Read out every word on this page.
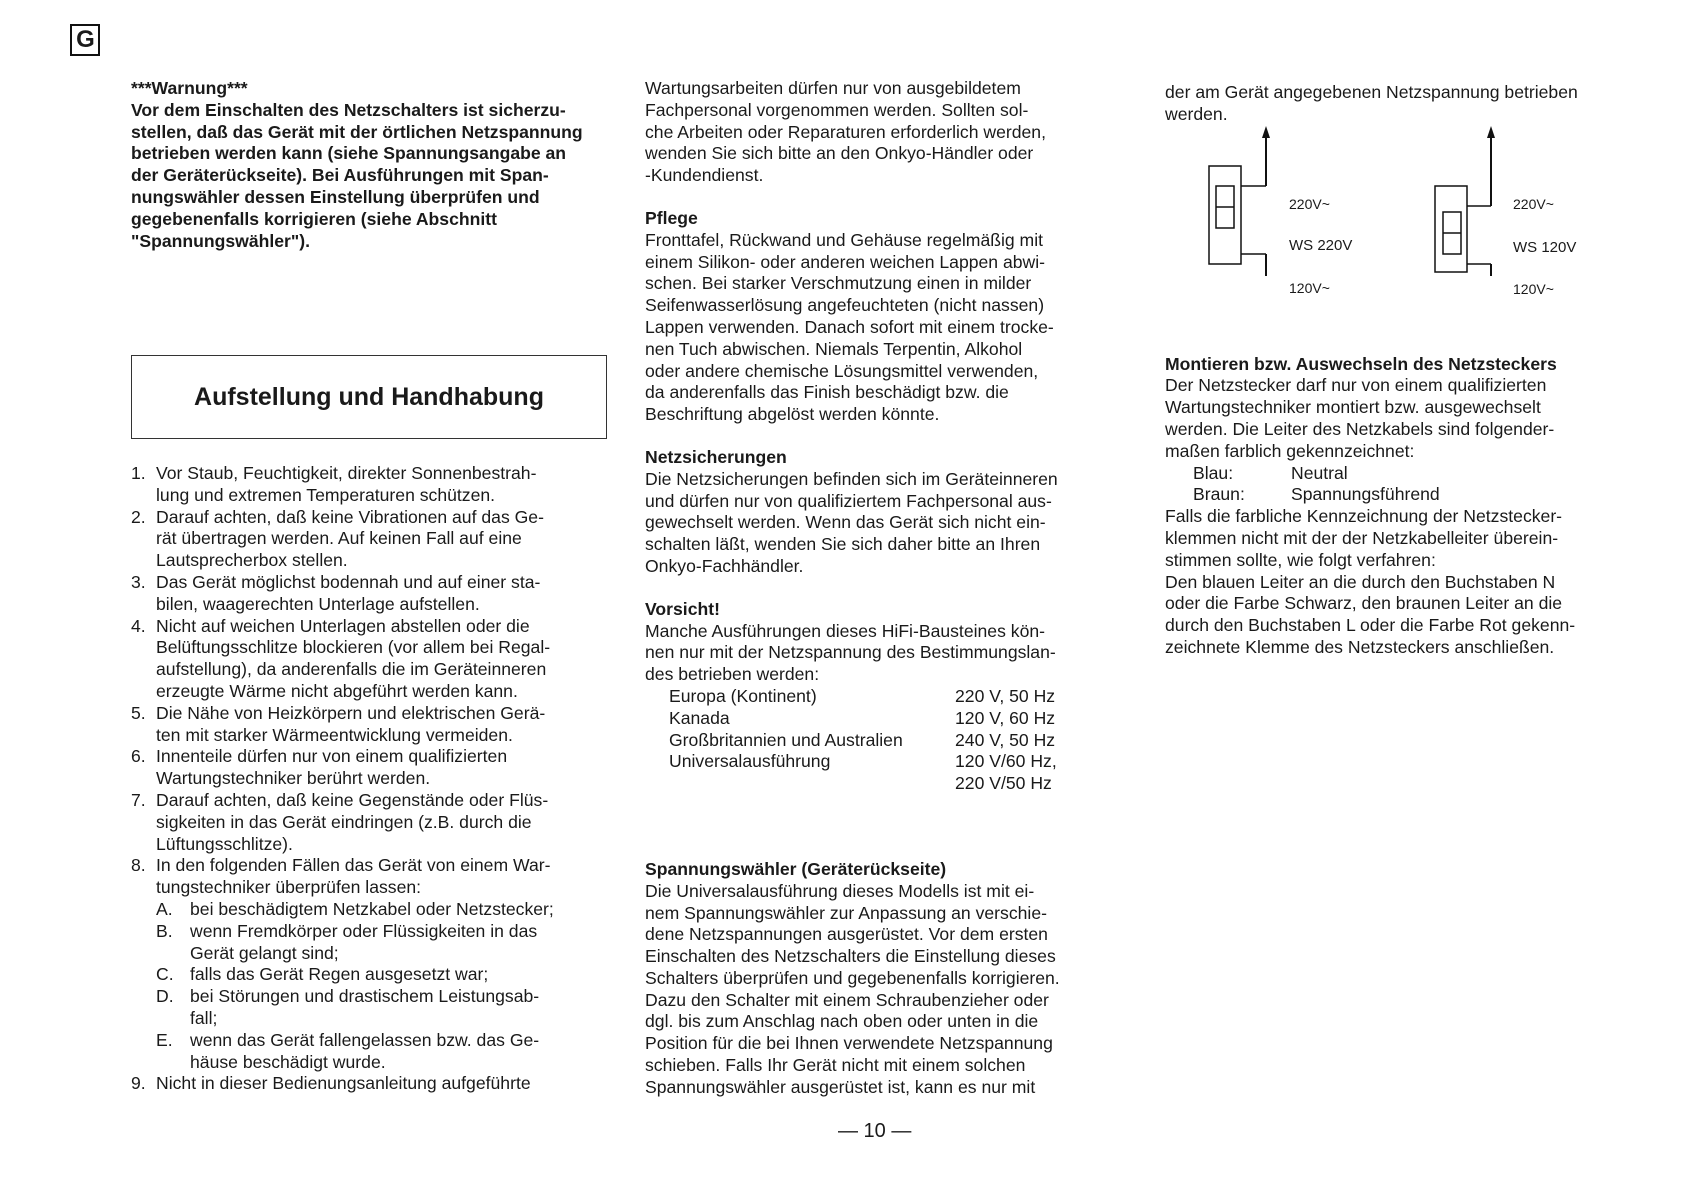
G

***Warnung***

Vor dem Einschalten des Netzschalters ist sicherzu-

stellen, daß das Gerät mit der örtlichen Netzspannung

betrieben werden kann (siehe Spannungsangabe an

der Geräterückseite). Bei Ausführungen mit Span-

nungswähler dessen Einstellung überprüfen und

gegebenenfalls korrigieren (siehe Abschnitt

"Spannungswähler").

Aufstellung und Handhabung
1. Vor Staub, Feuchtigkeit, direkter Sonnenbestrah-
lung und extremen Temperaturen schützen.
2. Darauf achten, daß keine Vibrationen auf das Ge-
rät übertragen werden. Auf keinen Fall auf eine
Lautsprecherbox stellen.
3. Das Gerät möglichst bodennah und auf einer sta-
bilen, waagerechten Unterlage aufstellen.
4. Nicht auf weichen Unterlagen abstellen oder die
Belüftungsschlitze blockieren (vor allem bei Regal-
aufstellung), da anderenfalls die im Geräteinneren
erzeugte Wärme nicht abgeführt werden kann.
5. Die Nähe von Heizkörpern und elektrischen Gerä-
ten mit starker Wärmeentwicklung vermeiden.
6. Innenteile dürfen nur von einem qualifizierten
Wartungstechniker berührt werden.
7. Darauf achten, daß keine Gegenstände oder Flüs-
sigkeiten in das Gerät eindringen (z.B. durch die
Lüftungsschlitze).
8. In den folgenden Fällen das Gerät von einem War-
tungstechniker überprüfen lassen:
A. bei beschädigtem Netzkabel oder Netzstecker;
B. wenn Fremdkörper oder Flüssigkeiten in das
Gerät gelangt sind;
C. falls das Gerät Regen ausgesetzt war;
D. bei Störungen und drastischem Leistungsab-
fall;
E. wenn das Gerät fallengelassen bzw. das Ge-
häuse beschädigt wurde.
9. Nicht in dieser Bedienungsanleitung aufgeführte
Wartungsarbeiten dürfen nur von ausgebildetem
Fachpersonal vorgenommen werden. Sollten sol-
che Arbeiten oder Reparaturen erforderlich werden,
wenden Sie sich bitte an den Onkyo-Händler oder
-Kundendienst.
Pflege
Fronttafel, Rückwand und Gehäuse regelmäßig mit
einem Silikon- oder anderen weichen Lappen abwi-
schen. Bei starker Verschmutzung einen in milder
Seifenwasserlösung angefeuchteten (nicht nassen)
Lappen verwenden. Danach sofort mit einem trocke-
nen Tuch abwischen. Niemals Terpentin, Alkohol
oder andere chemische Lösungsmittel verwenden,
da anderenfalls das Finish beschädigt bzw. die
Beschriftung abgelöst werden könnte.
Netzsicherungen
Die Netzsicherungen befinden sich im Geräteinneren
und dürfen nur von qualifiziertem Fachpersonal aus-
gewechselt werden. Wenn das Gerät sich nicht ein-
schalten läßt, wenden Sie sich daher bitte an Ihren
Onkyo-Fachhändler.
Vorsicht!
Manche Ausführungen dieses HiFi-Bausteines kön-
nen nur mit der Netzspannung des Bestimmungslan-
des betrieben werden:
Europa (Kontinent)	220 V, 50 Hz
Kanada	120 V, 60 Hz
Großbritannien und Australien	240 V, 50 Hz
Universalausführung	120 V/60 Hz,
	220 V/50 Hz
Spannungswähler (Geräterückseite)
Die Universalausführung dieses Modells ist mit ei-
nem Spannungswähler zur Anpassung an verschie-
dene Netzspannungen ausgerüstet. Vor dem ersten
Einschalten des Netzschalters die Einstellung dieses
Schalters überprüfen und gegebenenfalls korrigieren.
Dazu den Schalter mit einem Schraubenzieher oder
dgl. bis zum Anschlag nach oben oder unten in die
Position für die bei Ihnen verwendete Netzspannung
schieben. Falls Ihr Gerät nicht mit einem solchen
Spannungswähler ausgerüstet ist, kann es nur mit
der am Gerät angegebenen Netzspannung betrieben
werden.
220V~
WS 220V
120V~
220V~
WS 120V
120V~
Montieren bzw. Auswechseln des Netzsteckers
Der Netzstecker darf nur von einem qualifizierten
Wartungstechniker montiert bzw. ausgewechselt
werden. Die Leiter des Netzkabels sind folgender-
maßen farblich gekennzeichnet:
Blau:	Neutral
Braun:	Spannungsführend
Falls die farbliche Kennzeichnung der Netzstecker-
klemmen nicht mit der der Netzkabelleiter überein-
stimmen sollte, wie folgt verfahren:
Den blauen Leiter an die durch den Buchstaben N
oder die Farbe Schwarz, den braunen Leiter an die
durch den Buchstaben L oder die Farbe Rot gekenn-
zeichnete Klemme des Netzsteckers anschließen.
— 10 —
